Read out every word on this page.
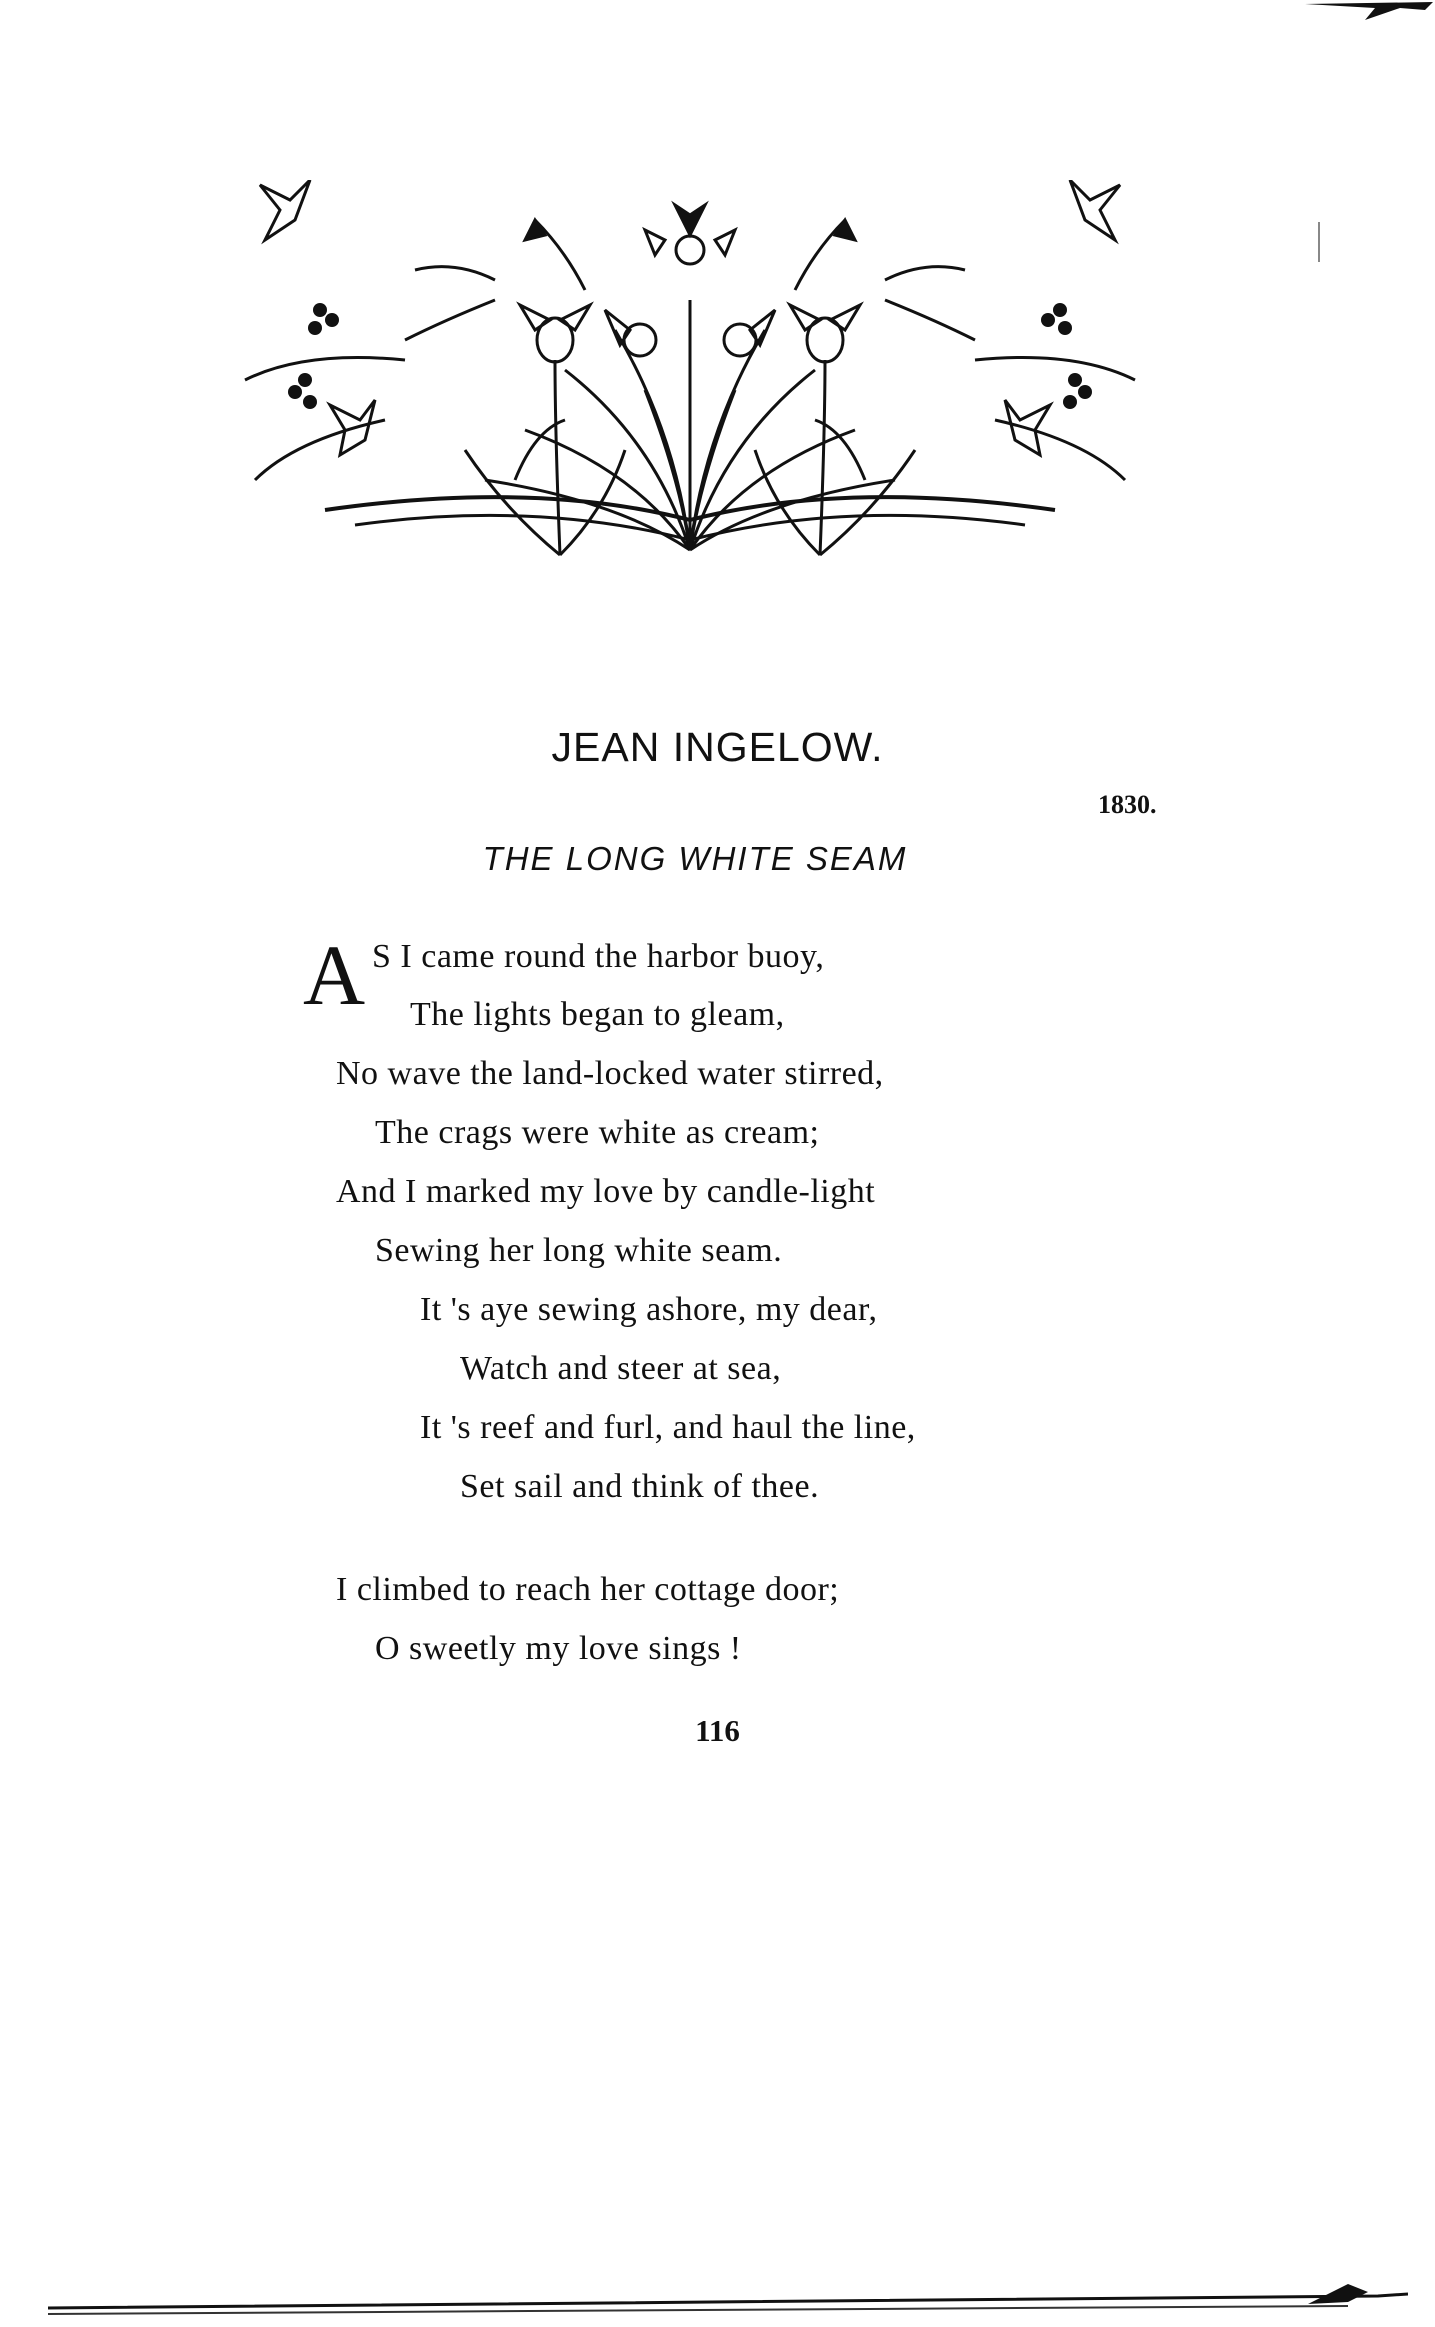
JEAN INGELOW.
1830.
THE LONG WHITE SEAM
A S I came round the harbor buoy,
The lights began to gleam,
No wave the land-locked water stirred,
The crags were white as cream;
And I marked my love by candle-light
Sewing her long white seam.
It 's aye sewing ashore, my dear,
Watch and steer at sea,
It 's reef and furl, and haul the line,
Set sail and think of thee.
I climbed to reach her cottage door;
O sweetly my love sings !
116
